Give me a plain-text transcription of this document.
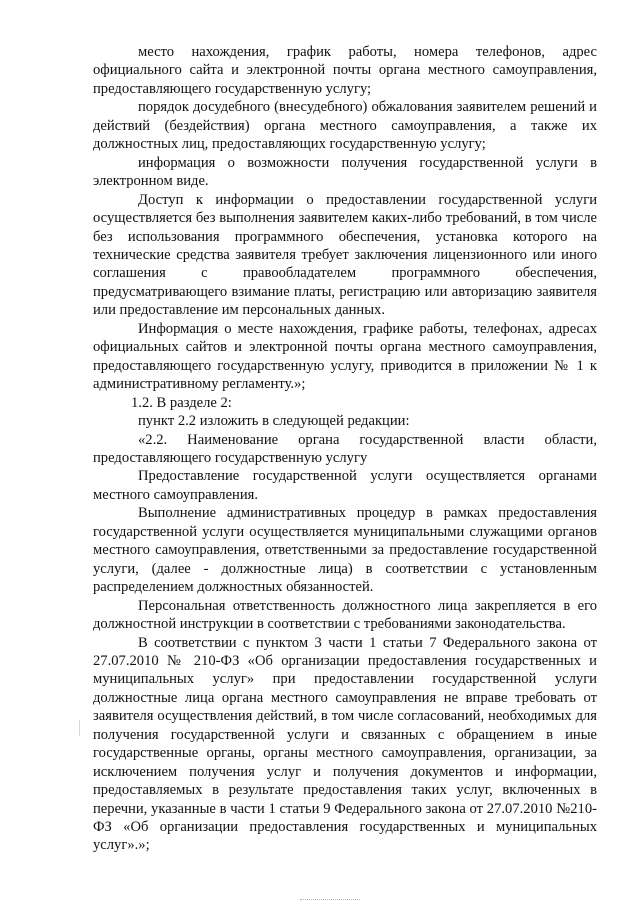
место нахождения, график работы, номера телефонов, адрес официального сайта и электронной почты органа местного самоуправления, предоставляющего государственную услугу;

порядок досудебного (внесудебного) обжалования заявителем решений и действий (бездействия) органа местного самоуправления, а также их должностных лиц, предоставляющих государственную услугу;

информация о возможности получения государственной услуги в электронном виде.

Доступ к информации о предоставлении государственной услуги осуществляется без выполнения заявителем каких-либо требований, в том числе без использования программного обеспечения, установка которого на технические средства заявителя требует заключения лицензионного или иного соглашения с правообладателем программного обеспечения, предусматривающего взимание платы, регистрацию или авторизацию заявителя или предоставление им персональных данных.

Информация о месте нахождения, графике работы, телефонах, адресах официальных сайтов и электронной почты органа местного самоуправления, предоставляющего государственную услугу, приводится в приложении № 1 к административному регламенту.»;

1.2. В разделе 2:

пункт 2.2 изложить в следующей редакции:

«2.2. Наименование органа государственной власти области, предоставляющего государственную услугу

Предоставление государственной услуги осуществляется органами местного самоуправления.

Выполнение административных процедур в рамках предоставления государственной услуги осуществляется муниципальными служащими органов местного самоуправления, ответственными за предоставление государственной услуги, (далее - должностные лица) в соответствии с установленным распределением должностных обязанностей.

Персональная ответственность должностного лица закрепляется в его должностной инструкции в соответствии с требованиями законодательства.

В соответствии с пунктом 3 части 1 статьи 7 Федерального закона от 27.07.2010 № 210-ФЗ «Об организации предоставления государственных и муниципальных услуг» при предоставлении государственной услуги должностные лица органа местного самоуправления не вправе требовать от заявителя осуществления действий, в том числе согласований, необходимых для получения государственной услуги и связанных с обращением в иные государственные органы, органы местного самоуправления, организации, за исключением получения услуг и получения документов и информации, предоставляемых в результате предоставления таких услуг, включенных в перечни, указанные в части 1 статьи 9 Федерального закона от 27.07.2010 №210-ФЗ «Об организации предоставления государственных и муниципальных услуг».»;
